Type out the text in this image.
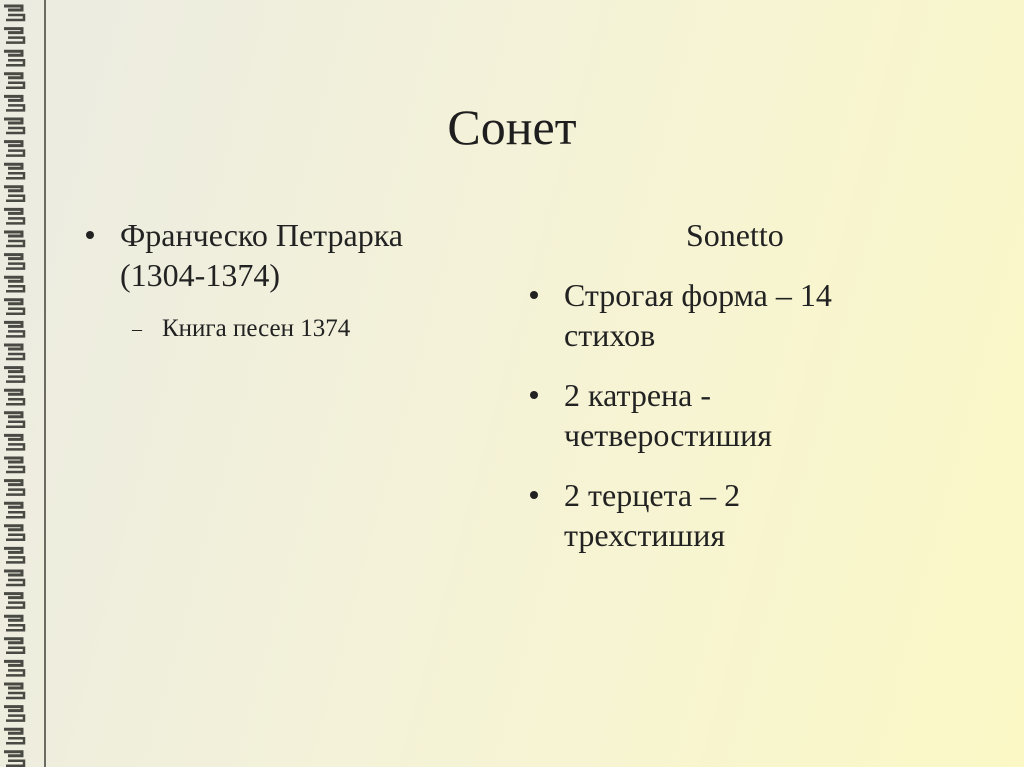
Сонет
Франческо Петрарка (1304-1374)
– Книга песен 1374
Sonetto
Строгая форма – 14 стихов
2 катрена - четверостишия
2 терцета – 2 трехстишия
